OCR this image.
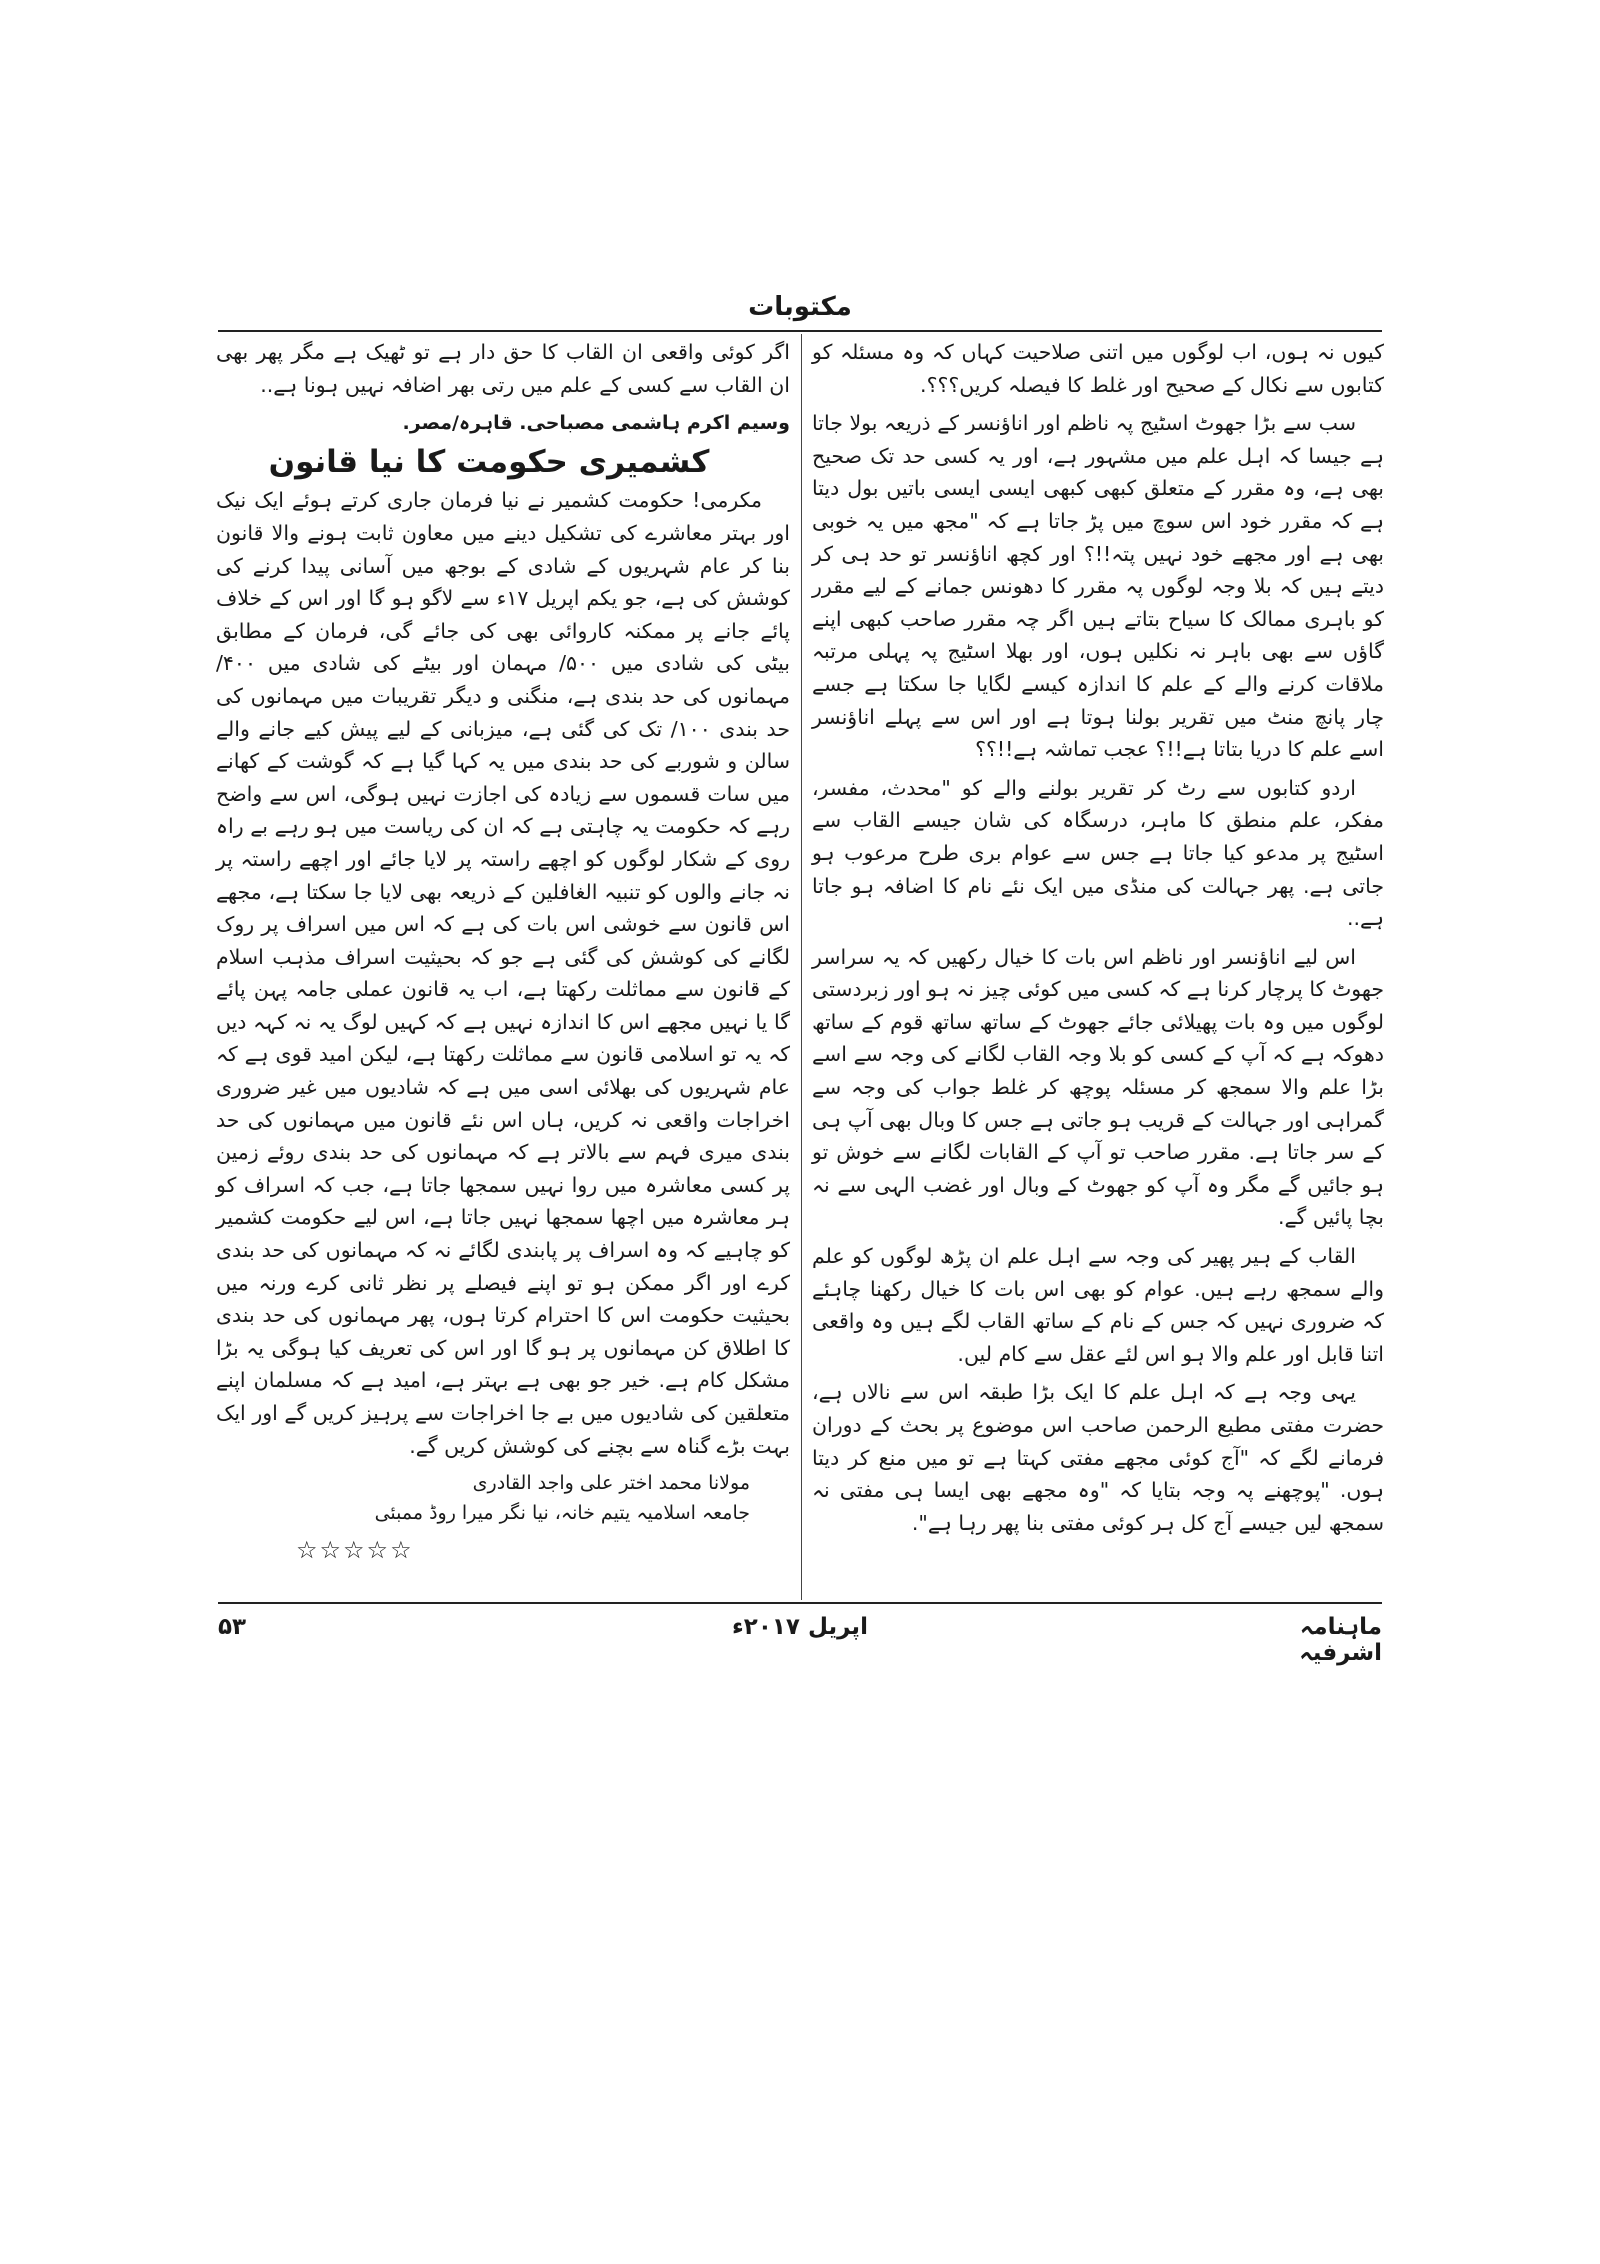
مکتوبات

کیوں نہ ہوں، اب لوگوں میں اتنی صلاحیت کہاں کہ وہ مسئلہ کو کتابوں سے نکال کے صحیح اور غلط کا فیصلہ کریں؟؟؟.

سب سے بڑا جھوٹ اسٹیج پہ ناظم اور اناؤنسر کے ذریعہ بولا جاتا ہے جیسا کہ اہل علم میں مشہور ہے، اور یہ کسی حد تک صحیح بھی ہے، وہ مقرر کے متعلق کبھی کبھی ایسی ایسی باتیں بول دیتا ہے کہ مقرر خود اس سوچ میں پڑ جاتا ہے کہ "مجھ میں یہ خوبی بھی ہے اور مجھے خود نہیں پتہ!!؟ اور کچھ اناؤنسر تو حد ہی کر دیتے ہیں کہ بلا وجہ لوگوں پہ مقرر کا دھونس جمانے کے لیے مقرر کو باہری ممالک کا سیاح بتاتے ہیں اگر چہ مقرر صاحب کبھی اپنے گاؤں سے بھی باہر نہ نکلیں ہوں، اور بھلا اسٹیج پہ پہلی مرتبہ ملاقات کرنے والے کے علم کا اندازہ کیسے لگایا جا سکتا ہے جسے چار پانچ منٹ میں تقریر بولنا ہوتا ہے اور اس سے پہلے اناؤنسر اسے علم کا دریا بتاتا ہے!!؟ عجب تماشہ ہے!!؟؟

اردو کتابوں سے رٹ کر تقریر بولنے والے کو "محدث، مفسر، مفکر، علم منطق کا ماہر، درسگاہ کی شان جیسے القاب سے اسٹیج پر مدعو کیا جاتا ہے جس سے عوام بری طرح مرعوب ہو جاتی ہے. پھر جہالت کی منڈی میں ایک نئے نام کا اضافہ ہو جاتا ہے..

اس لیے اناؤنسر اور ناظم اس بات کا خیال رکھیں کہ یہ سراسر جھوٹ کا پرچار کرنا ہے کہ کسی میں کوئی چیز نہ ہو اور زبردستی لوگوں میں وہ بات پھیلائی جائے جھوٹ کے ساتھ ساتھ قوم کے ساتھ دھوکہ ہے کہ آپ کے کسی کو بلا وجہ القاب لگانے کی وجہ سے اسے بڑا علم والا سمجھ کر مسئلہ پوچھ کر غلط جواب کی وجہ سے گمراہی اور جہالت کے قریب ہو جاتی ہے جس کا وبال بھی آپ ہی کے سر جاتا ہے. مقرر صاحب تو آپ کے القابات لگانے سے خوش تو ہو جائیں گے مگر وہ آپ کو جھوٹ کے وبال اور غضب الہی سے نہ بچا پائیں گے.

القاب کے ہیر پھیر کی وجہ سے اہل علم ان پڑھ لوگوں کو علم والے سمجھ رہے ہیں. عوام کو بھی اس بات کا خیال رکھنا چاہئے کہ ضروری نہیں کہ جس کے نام کے ساتھ القاب لگے ہیں وہ واقعی اتنا قابل اور علم والا ہو اس لئے عقل سے کام لیں.

یہی وجہ ہے کہ اہل علم کا ایک بڑا طبقہ اس سے نالاں ہے، حضرت مفتی مطیع الرحمن صاحب اس موضوع پر بحث کے دوران فرمانے لگے کہ "آج کوئی مجھے مفتی کہتا ہے تو میں منع کر دیتا ہوں. "پوچھنے پہ وجہ بتایا کہ "وہ مجھے بھی ایسا ہی مفتی نہ سمجھ لیں جیسے آج کل ہر کوئی مفتی بنا پھر رہا ہے".

اگر کوئی واقعی ان القاب کا حق دار ہے تو ٹھیک ہے مگر پھر بھی ان القاب سے کسی کے علم میں رتی بھر اضافہ نہیں ہونا ہے..

وسیم اکرم ہاشمی مصباحی. قاہرہ/مصر.

کشمیری حکومت کا نیا قانون

مکرمی! حکومت کشمیر نے نیا فرمان جاری کرتے ہوئے ایک نیک اور بہتر معاشرے کی تشکیل دینے میں معاون ثابت ہونے والا قانون بنا کر عام شہریوں کے شادی کے بوجھ میں آسانی پیدا کرنے کی کوشش کی ہے، جو یکم اپریل ۱۷ء سے لاگو ہو گا اور اس کے خلاف پائے جانے پر ممکنہ کاروائی بھی کی جائے گی، فرمان کے مطابق بیٹی کی شادی میں ۵۰۰/ مہمان اور بیٹے کی شادی میں ۴۰۰/ مہمانوں کی حد بندی ہے، منگنی و دیگر تقریبات میں مہمانوں کی حد بندی ۱۰۰/ تک کی گئی ہے، میزبانی کے لیے پیش کیے جانے والے سالن و شوربے کی حد بندی میں یہ کہا گیا ہے کہ گوشت کے کھانے میں سات قسموں سے زیادہ کی اجازت نہیں ہوگی، اس سے واضح رہے کہ حکومت یہ چاہتی ہے کہ ان کی ریاست میں ہو رہے بے راہ روی کے شکار لوگوں کو اچھے راستہ پر لایا جائے اور اچھے راستہ پر نہ جانے والوں کو تنبیہ الغافلین کے ذریعہ بھی لایا جا سکتا ہے، مجھے اس قانون سے خوشی اس بات کی ہے کہ اس میں اسراف پر روک لگانے کی کوشش کی گئی ہے جو کہ بحیثیت اسراف مذہب اسلام کے قانون سے مماثلت رکھتا ہے، اب یہ قانون عملی جامہ پہن پائے گا یا نہیں مجھے اس کا اندازہ نہیں ہے کہ کہیں لوگ یہ نہ کہہ دیں کہ یہ تو اسلامی قانون سے مماثلت رکھتا ہے، لیکن امید قوی ہے کہ عام شہریوں کی بھلائی اسی میں ہے کہ شادیوں میں غیر ضروری اخراجات واقعی نہ کریں، ہاں اس نئے قانون میں مہمانوں کی حد بندی میری فہم سے بالاتر ہے کہ مہمانوں کی حد بندی روئے زمین پر کسی معاشرہ میں روا نہیں سمجھا جاتا ہے، جب کہ اسراف کو ہر معاشرہ میں اچھا سمجھا نہیں جاتا ہے، اس لیے حکومت کشمیر کو چاہیے کہ وہ اسراف پر پابندی لگائے نہ کہ مہمانوں کی حد بندی کرے اور اگر ممکن ہو تو اپنے فیصلے پر نظر ثانی کرے ورنہ میں بحیثیت حکومت اس کا احترام کرتا ہوں، پھر مہمانوں کی حد بندی کا اطلاق کن مہمانوں پر ہو گا اور اس کی تعریف کیا ہوگی یہ بڑا مشکل کام ہے. خیر جو بھی ہے بہتر ہے، امید ہے کہ مسلمان اپنے متعلقین کی شادیوں میں بے جا اخراجات سے پرہیز کریں گے اور ایک بہت بڑے گناہ سے بچنے کی کوشش کریں گے.

مولانا محمد اختر علی واجد القادری

جامعہ اسلامیہ یتیم خانہ، نیا نگر میرا روڈ ممبئی

☆☆☆☆☆

ماہنامہ اشرفیہ
اپریل ۲۰۱۷ء
۵۳
